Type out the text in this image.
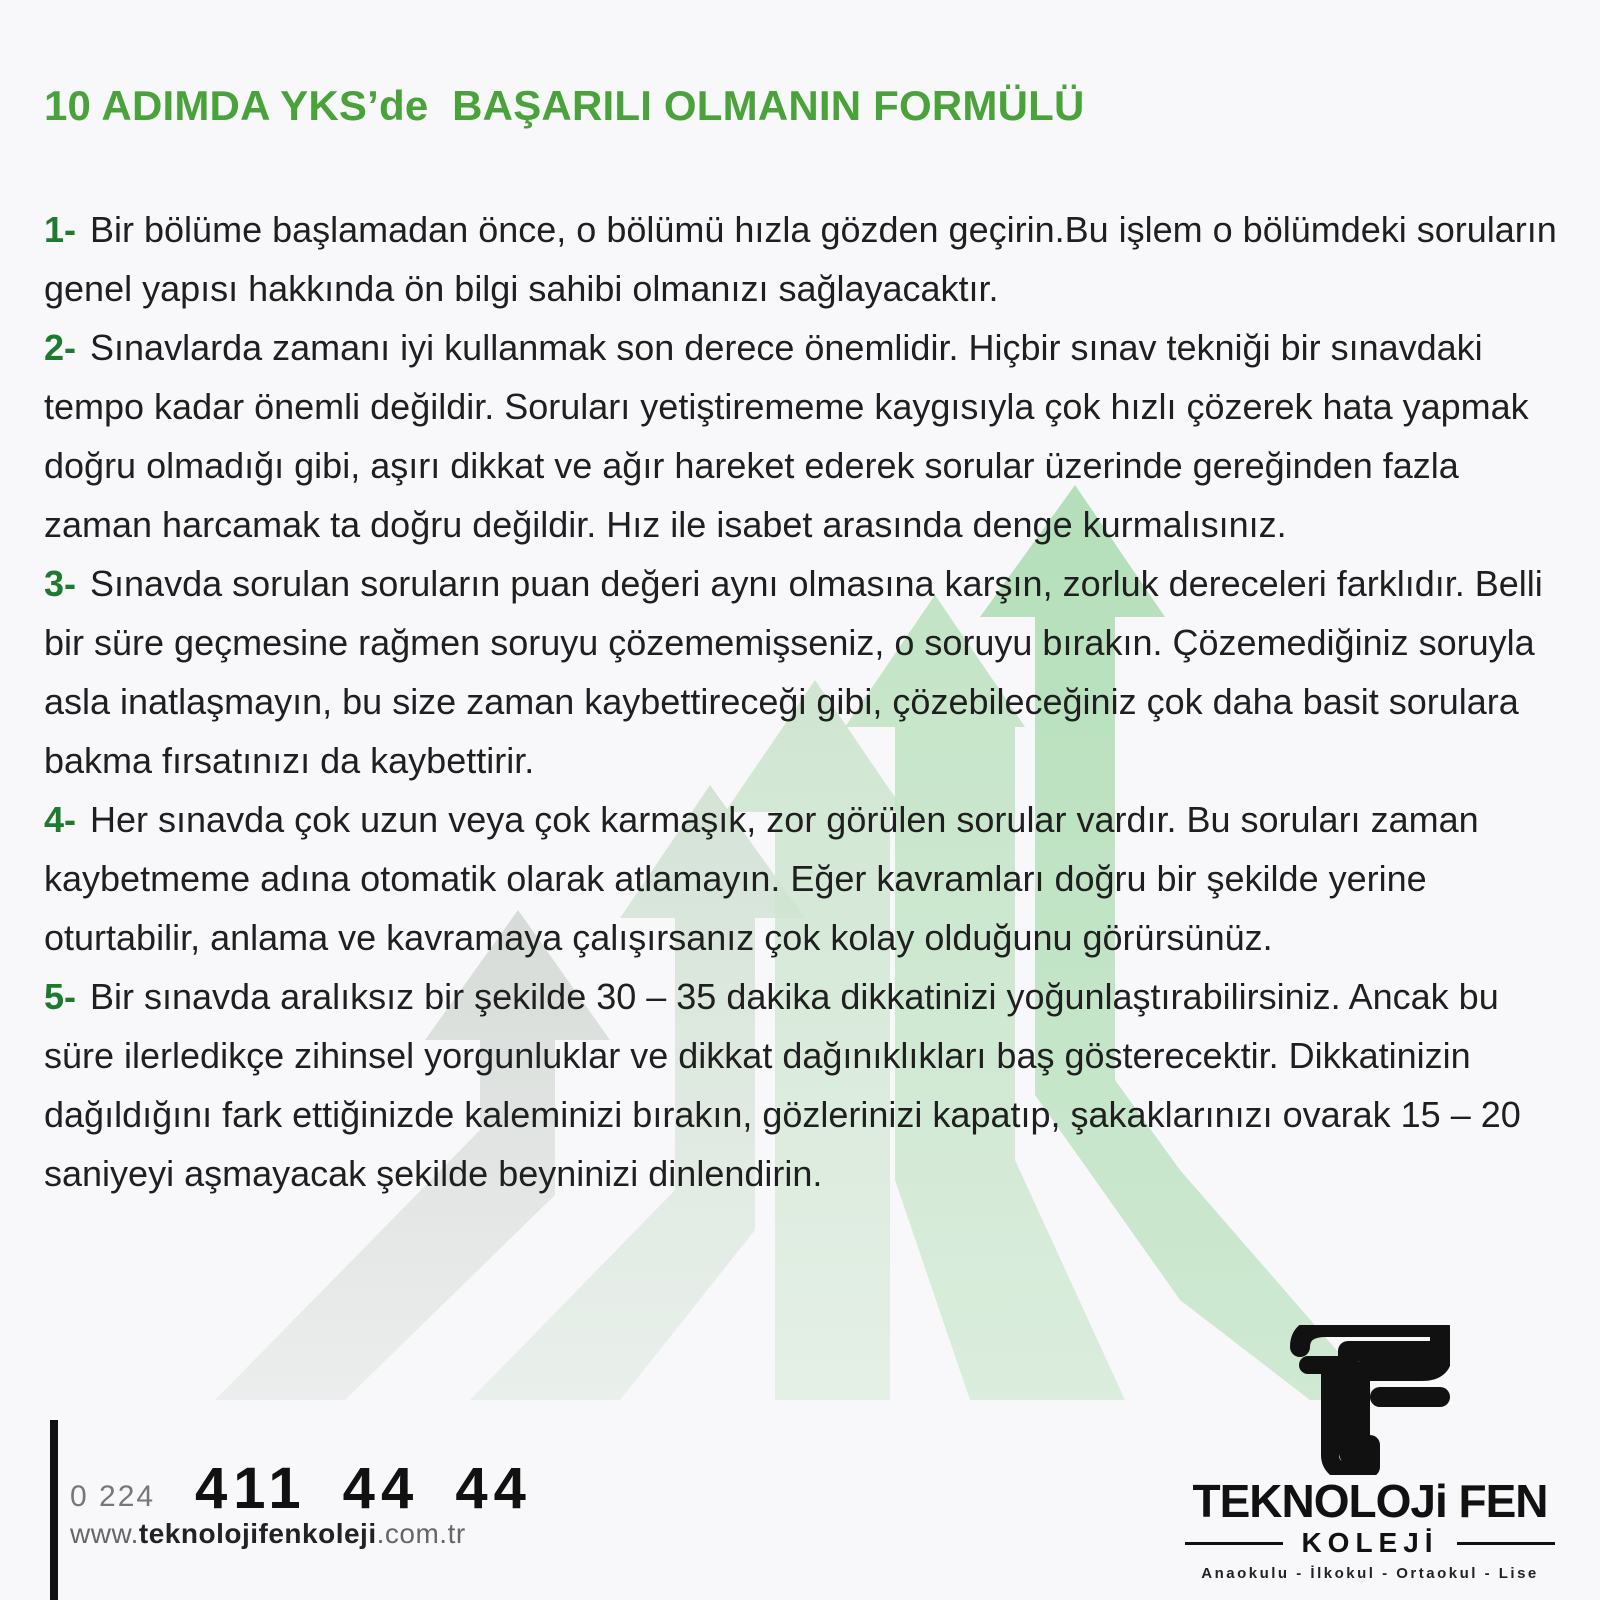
10 ADIMDA YKS’de  BAŞARILI OLMANIN FORMÜLÜ

1- Bir bölüme başlamadan önce, o bölümü hızla gözden geçirin.Bu işlem o bölümdeki soruların genel yapısı hakkında ön bilgi sahibi olmanızı sağlayacaktır.

2- Sınavlarda zamanı iyi kullanmak son derece önemlidir. Hiçbir sınav tekniği bir sınavdaki tempo kadar önemli değildir. Soruları yetiştirememe kaygısıyla çok hızlı çözerek hata yapmak doğru olmadığı gibi, aşırı dikkat ve ağır hareket ederek sorular üzerinde gereğinden fazla zaman harcamak ta doğru değildir. Hız ile isabet arasında denge kurmalısınız.

3- Sınavda sorulan soruların puan değeri aynı olmasına karşın, zorluk dereceleri farklıdır. Belli bir süre geçmesine rağmen soruyu çözememişseniz, o soruyu bırakın. Çözemediğiniz soruyla asla inatlaşmayın, bu size zaman kaybettireceği gibi, çözebileceğiniz çok daha basit sorulara bakma fırsatınızı da kaybettirir.

4- Her sınavda çok uzun veya çok karmaşık, zor görülen sorular vardır. Bu soruları zaman kaybetmeme adına otomatik olarak atlamayın. Eğer kavramları doğru bir şekilde yerine oturtabilir, anlama ve kavramaya çalışırsanız çok kolay olduğunu görürsünüz.

5- Bir sınavda aralıksız bir şekilde 30 – 35 dakika dikkatinizi yoğunlaştırabilirsiniz. Ancak bu süre ilerledikçe zihinsel yorgunluklar ve dikkat dağınıklıkları baş gösterecektir. Dikkatinizin dağıldığını fark ettiğinizde kaleminizi bırakın, gözlerinizi kapatıp, şakaklarınızı ovarak 15 – 20 saniyeyi aşmayacak şekilde beyninizi dinlendirin.

0 224 411 44 44
www.teknolojifenkoleji.com.tr
TEKNOLOJi FEN
KOLEJİ
Anaokulu - İlkokul - Ortaokul - Lise
